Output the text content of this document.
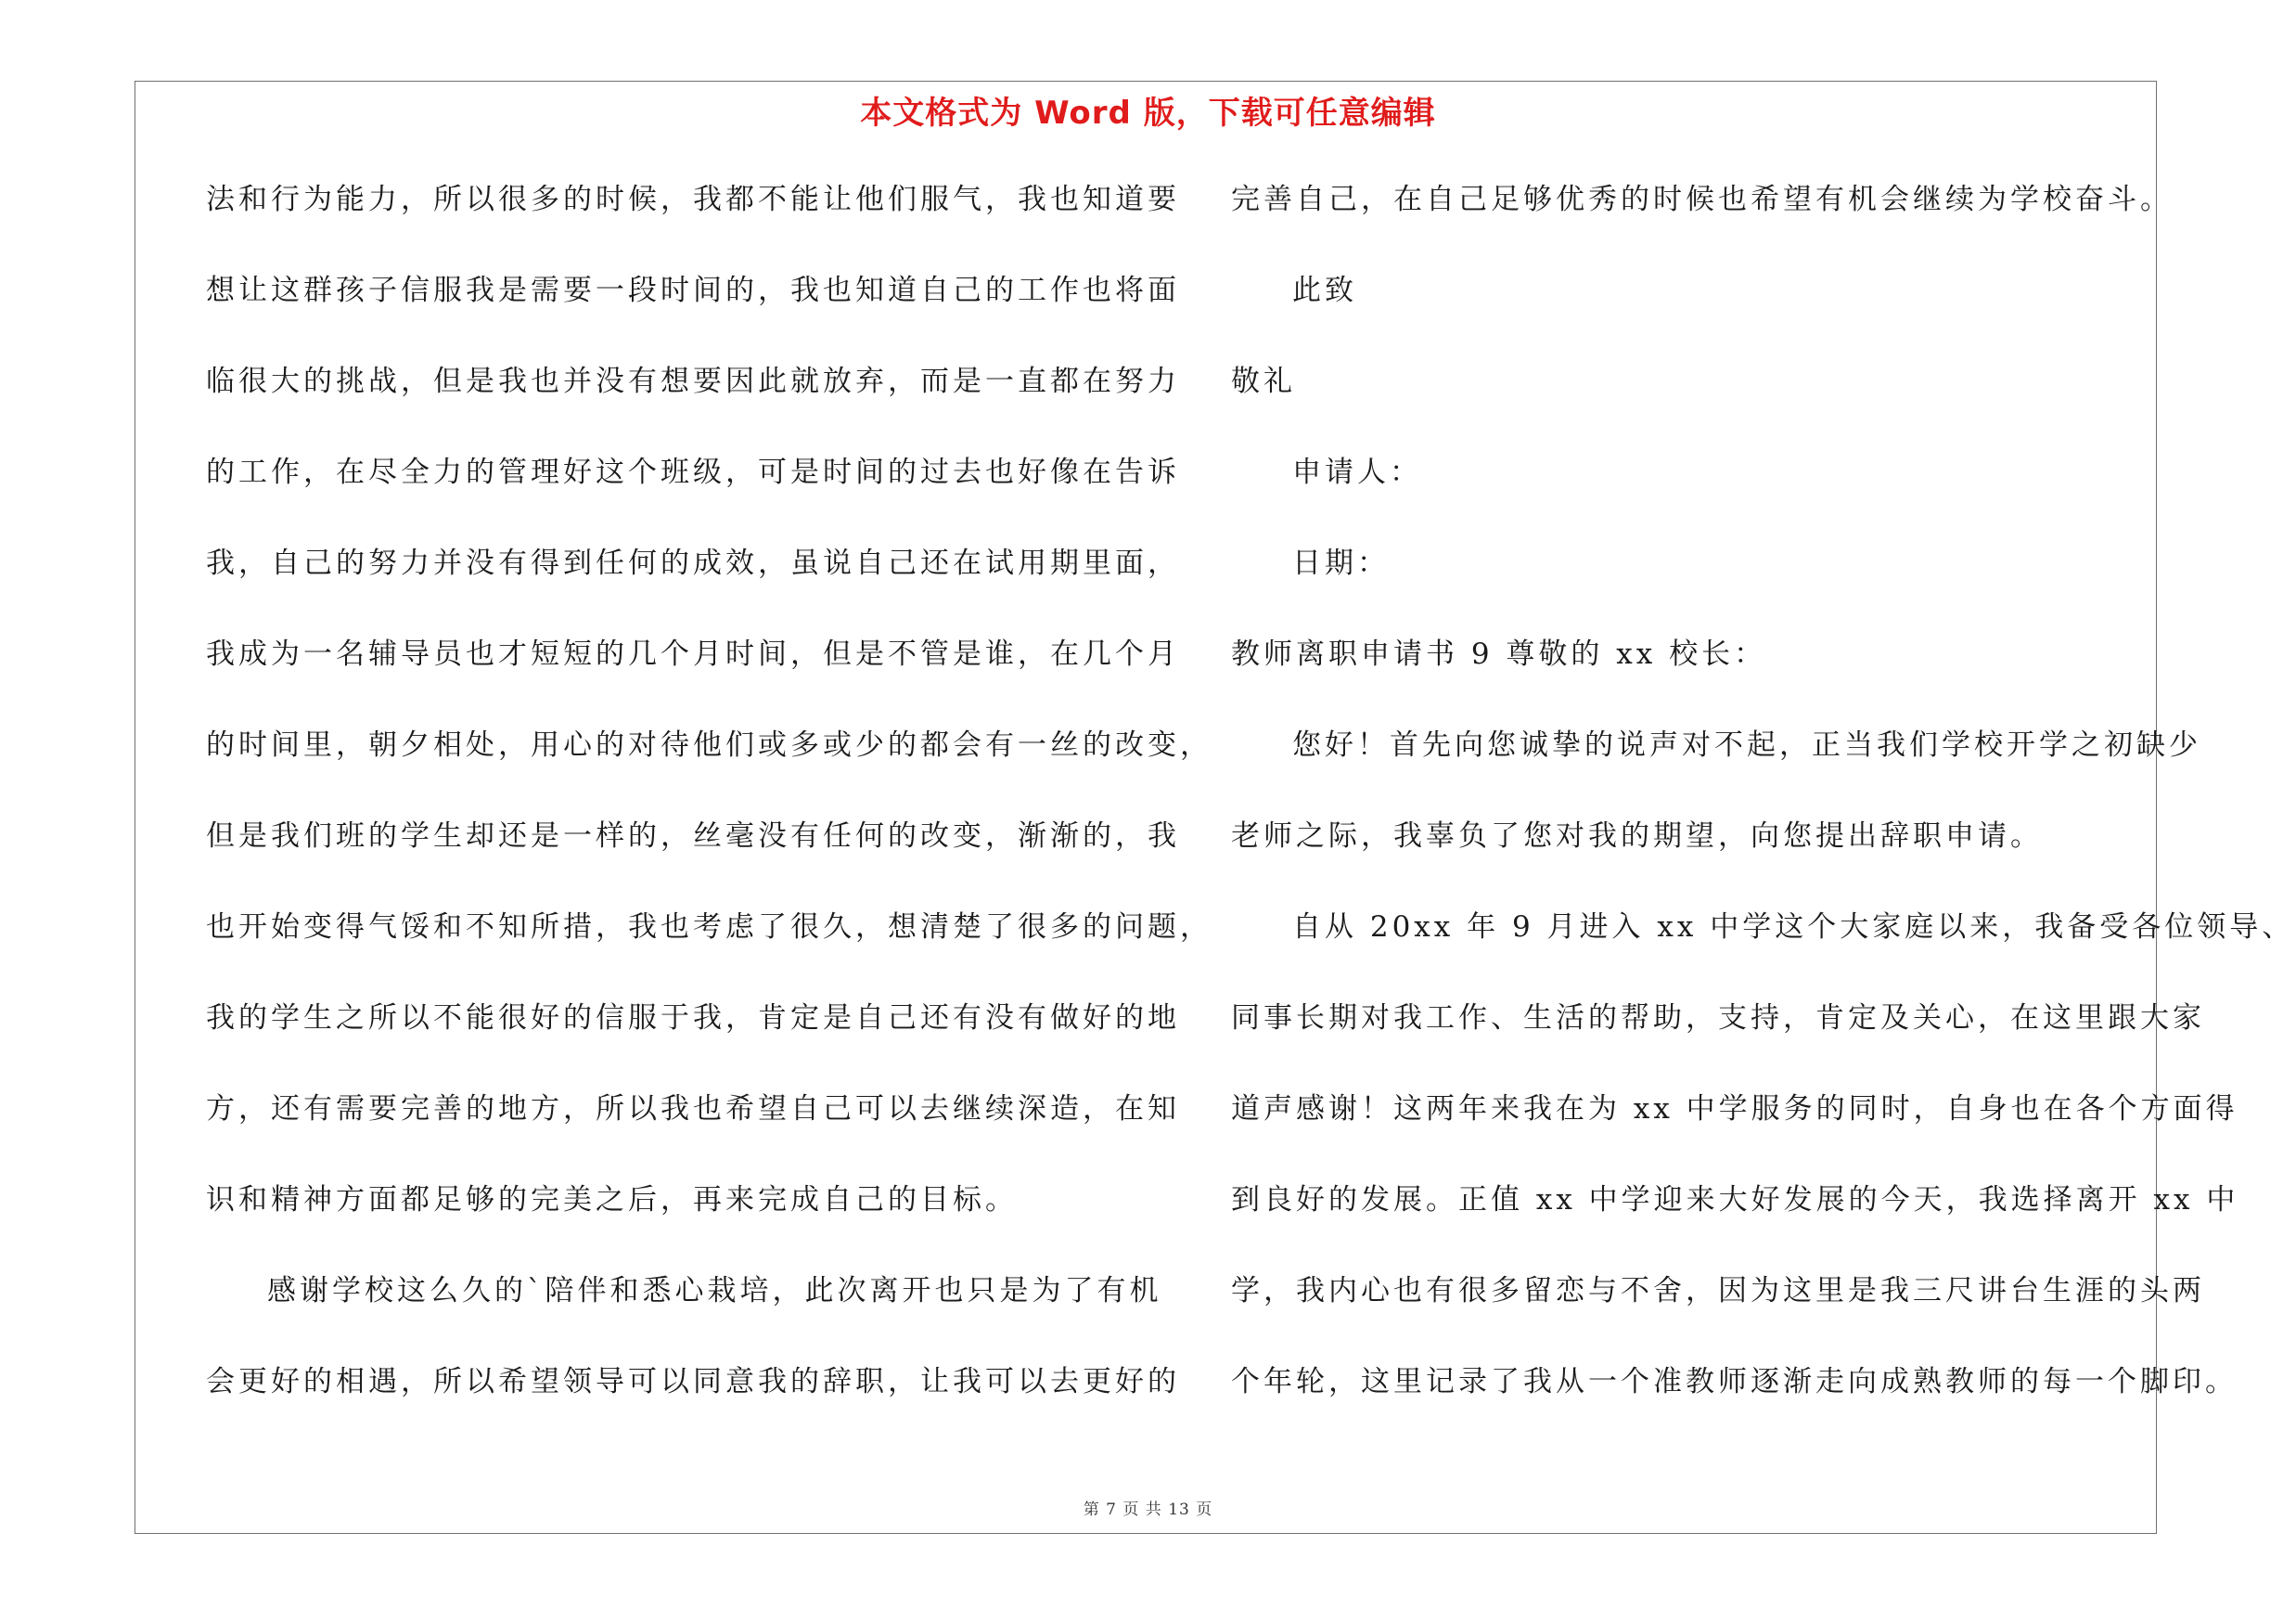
本文格式为 Word 版，下载可任意编辑
法和行为能力，所以很多的时候，我都不能让他们服气，我也知道要
想让这群孩子信服我是需要一段时间的，我也知道自己的工作也将面
临很大的挑战，但是我也并没有想要因此就放弃，而是一直都在努力
的工作，在尽全力的管理好这个班级，可是时间的过去也好像在告诉
我，自己的努力并没有得到任何的成效，虽说自己还在试用期里面，
我成为一名辅导员也才短短的几个月时间，但是不管是谁，在几个月
的时间里，朝夕相处，用心的对待他们或多或少的都会有一丝的改变，
但是我们班的学生却还是一样的，丝毫没有任何的改变，渐渐的，我
也开始变得气馁和不知所措，我也考虑了很久，想清楚了很多的问题，
我的学生之所以不能很好的信服于我，肯定是自己还有没有做好的地
方，还有需要完善的地方，所以我也希望自己可以去继续深造，在知
识和精神方面都足够的完美之后，再来完成自己的目标。
感谢学校这么久的`陪伴和悉心栽培，此次离开也只是为了有机
会更好的相遇，所以希望领导可以同意我的辞职，让我可以去更好的
完善自己，在自己足够优秀的时候也希望有机会继续为学校奋斗。
此致
敬礼
申请人：
日期：
教师离职申请书 9 尊敬的 xx 校长：
您好！首先向您诚挚的说声对不起，正当我们学校开学之初缺少
老师之际，我辜负了您对我的期望，向您提出辞职申请。
自从 20xx 年 9 月进入 xx 中学这个大家庭以来，我备受各位领导、
同事长期对我工作、生活的帮助，支持，肯定及关心，在这里跟大家
道声感谢！这两年来我在为 xx 中学服务的同时，自身也在各个方面得
到良好的发展。正值 xx 中学迎来大好发展的今天，我选择离开 xx 中
学，我内心也有很多留恋与不舍，因为这里是我三尺讲台生涯的头两
个年轮，这里记录了我从一个准教师逐渐走向成熟教师的每一个脚印。
第 7 页 共 13 页
